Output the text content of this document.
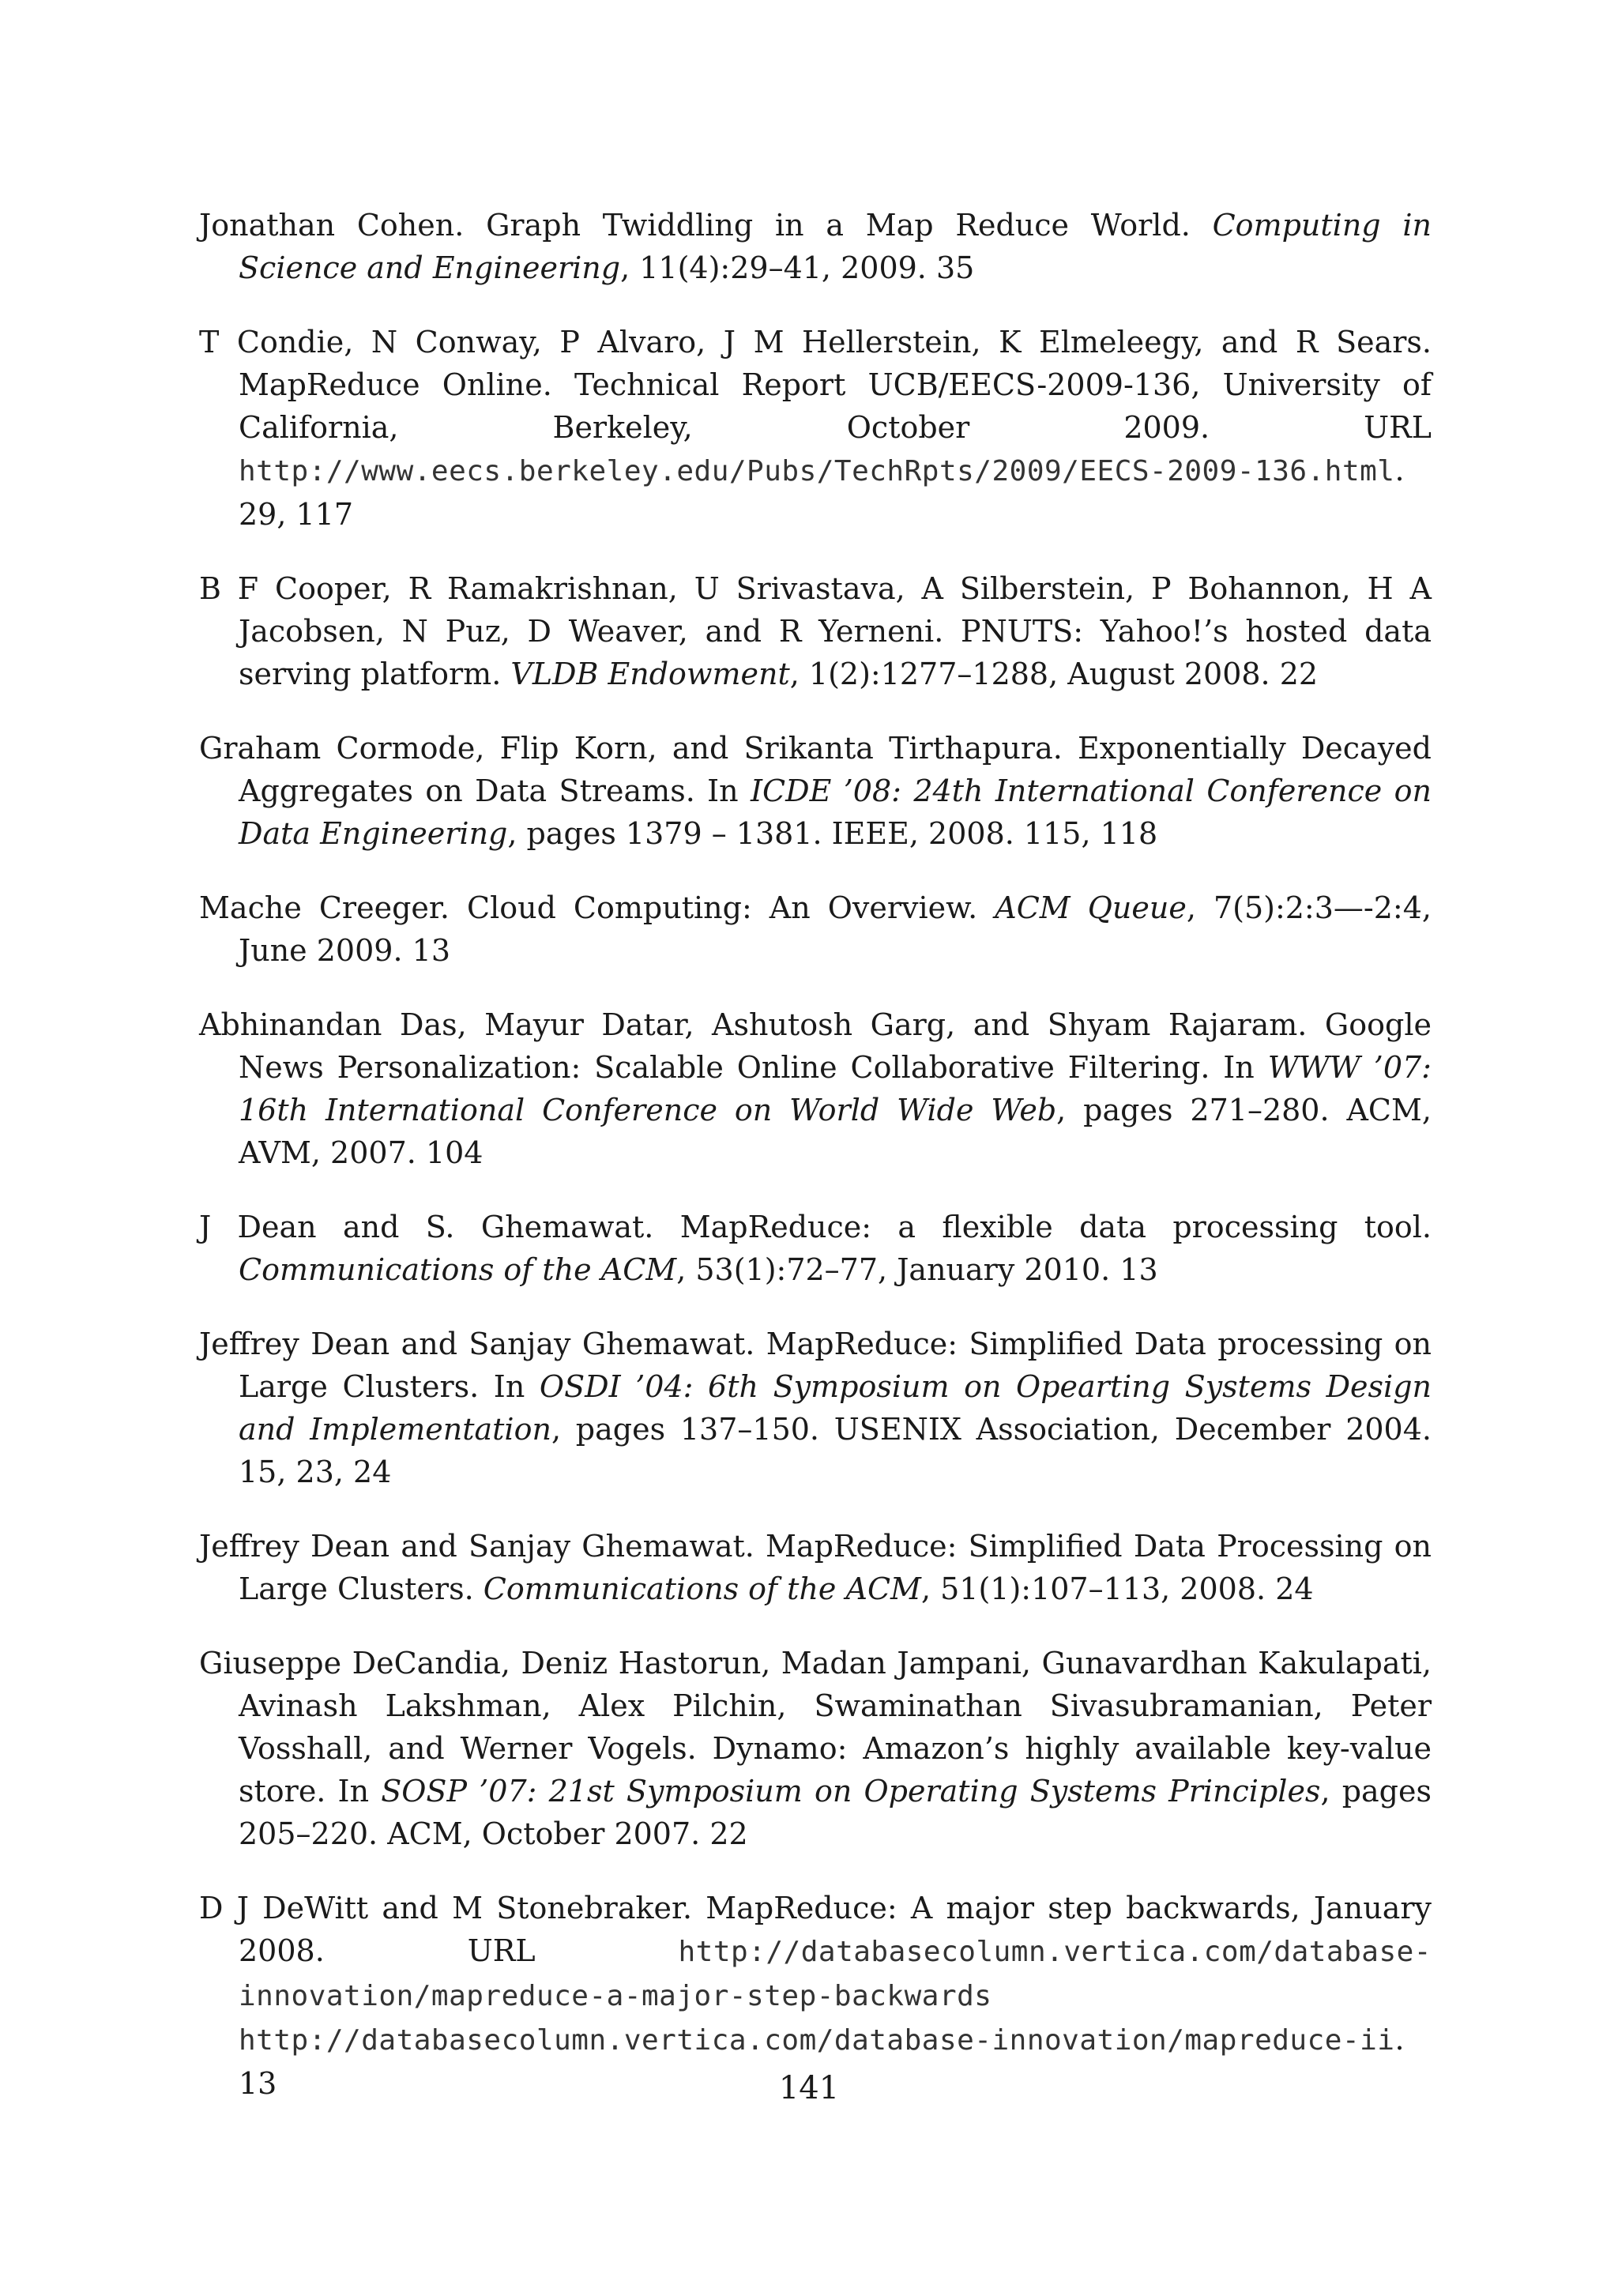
Jonathan Cohen. Graph Twiddling in a Map Reduce World. Computing in Science and Engineering, 11(4):29–41, 2009. 35

T Condie, N Conway, P Alvaro, J M Hellerstein, K Elmeleegy, and R Sears. MapReduce Online. Technical Report UCB/EECS-2009-136, University of California, Berkeley, October 2009. URL http://www.eecs.berkeley.edu/Pubs/TechRpts/2009/EECS-2009-136.html. 29, 117

B F Cooper, R Ramakrishnan, U Srivastava, A Silberstein, P Bohannon, H A Jacobsen, N Puz, D Weaver, and R Yerneni. PNUTS: Yahoo!’s hosted data serving platform. VLDB Endowment, 1(2):1277–1288, August 2008. 22

Graham Cormode, Flip Korn, and Srikanta Tirthapura. Exponentially Decayed Aggregates on Data Streams. In ICDE ’08: 24th International Conference on Data Engineering, pages 1379 – 1381. IEEE, 2008. 115, 118

Mache Creeger. Cloud Computing: An Overview. ACM Queue, 7(5):2:3—-2:4, June 2009. 13

Abhinandan Das, Mayur Datar, Ashutosh Garg, and Shyam Rajaram. Google News Personalization: Scalable Online Collaborative Filtering. In WWW ’07: 16th International Conference on World Wide Web, pages 271–280. ACM, AVM, 2007. 104

J Dean and S. Ghemawat. MapReduce: a flexible data processing tool. Communications of the ACM, 53(1):72–77, January 2010. 13

Jeffrey Dean and Sanjay Ghemawat. MapReduce: Simplified Data processing on Large Clusters. In OSDI ’04: 6th Symposium on Opearting Systems Design and Implementation, pages 137–150. USENIX Association, December 2004. 15, 23, 24

Jeffrey Dean and Sanjay Ghemawat. MapReduce: Simplified Data Processing on Large Clusters. Communications of the ACM, 51(1):107–113, 2008. 24

Giuseppe DeCandia, Deniz Hastorun, Madan Jampani, Gunavardhan Kakulapati, Avinash Lakshman, Alex Pilchin, Swaminathan Sivasubramanian, Peter Vosshall, and Werner Vogels. Dynamo: Amazon’s highly available key-value store. In SOSP ’07: 21st Symposium on Operating Systems Principles, pages 205–220. ACM, October 2007. 22

D J DeWitt and M Stonebraker. MapReduce: A major step backwards, January 2008. URL	http://databasecolumn.vertica.com/database-innovation/mapreduce-a-major-step-backwards http://databasecolumn.vertica.com/database-innovation/mapreduce-ii. 13	141
